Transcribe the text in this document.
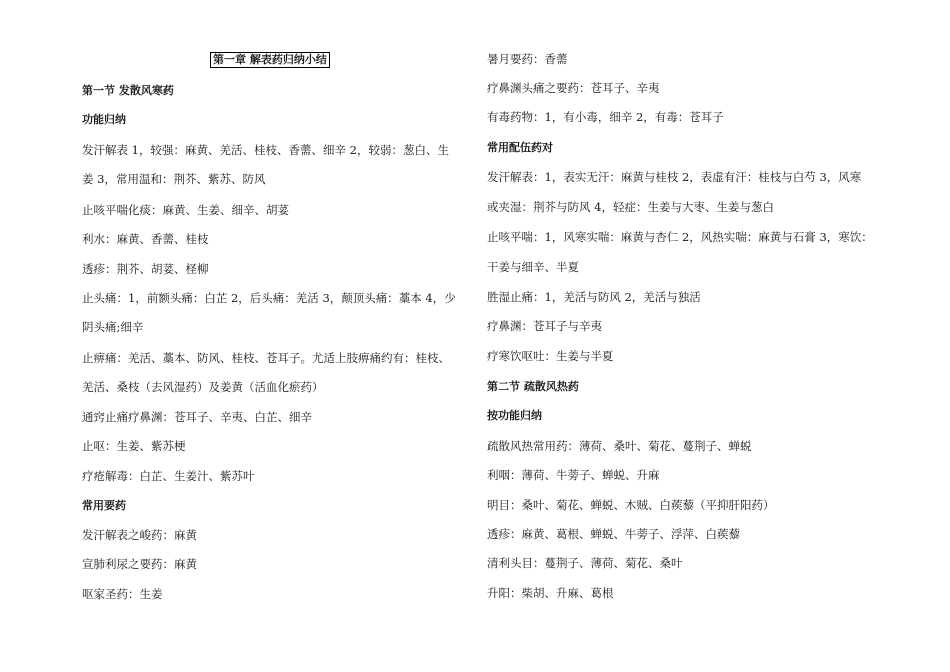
第一章 解表药归纳小结
第一节 发散风寒药
功能归纳
发汗解表 1，较强：麻黄、羌活、桂枝、香薷、细辛 2，较弱：葱白、生
姜 3，常用温和：荆芥、紫苏、防风
止咳平喘化痰：麻黄、生姜、细辛、胡荽
利水：麻黄、香薷、桂枝
透疹：荆芥、胡荽、柽柳
止头痛：1，前额头痛：白芷 2，后头痛：羌活 3，颠顶头痛：藁本 4，少
阴头痛;细辛
止痹痛：羌活、藁本、防风、桂枝、苍耳子。尤适上肢痹痛约有：桂枝、
羌活、桑枝（去风湿药）及姜黄（活血化瘀药）
通窍止痛疗鼻渊：苍耳子、辛夷、白芷、细辛
止呕：生姜、紫苏梗
疗疮解毒：白芷、生姜汁、紫苏叶
常用要药
发汗解表之峻药：麻黄
宣肺利尿之要药：麻黄
呕家圣药：生姜
暑月要药：香薷
疗鼻渊头痛之要药：苍耳子、辛夷
有毒药物：1，有小毒，细辛 2，有毒：苍耳子
常用配伍药对
发汗解表：1，表实无汗：麻黄与桂枝 2，表虚有汗：桂枝与白芍 3，风寒
或夹湿：荆芥与防风 4，轻症：生姜与大枣、生姜与葱白
止咳平喘：1，风寒实喘：麻黄与杏仁 2，风热实喘：麻黄与石膏 3，寒饮：
干姜与细辛、半夏
胜湿止痛：1，羌活与防风 2，羌活与独活
疗鼻渊：苍耳子与辛夷
疗寒饮呕吐：生姜与半夏
第二节 疏散风热药
按功能归纳
疏散风热常用药：薄荷、桑叶、菊花、蔓荆子、蝉蜕
利咽：薄荷、牛蒡子、蝉蜕、升麻
明目：桑叶、菊花、蝉蜕、木贼、白蒺藜（平抑肝阳药）
透疹：麻黄、葛根、蝉蜕、牛蒡子、浮萍、白蒺藜
清利头目：蔓荆子、薄荷、菊花、桑叶
升阳：柴胡、升麻、葛根
